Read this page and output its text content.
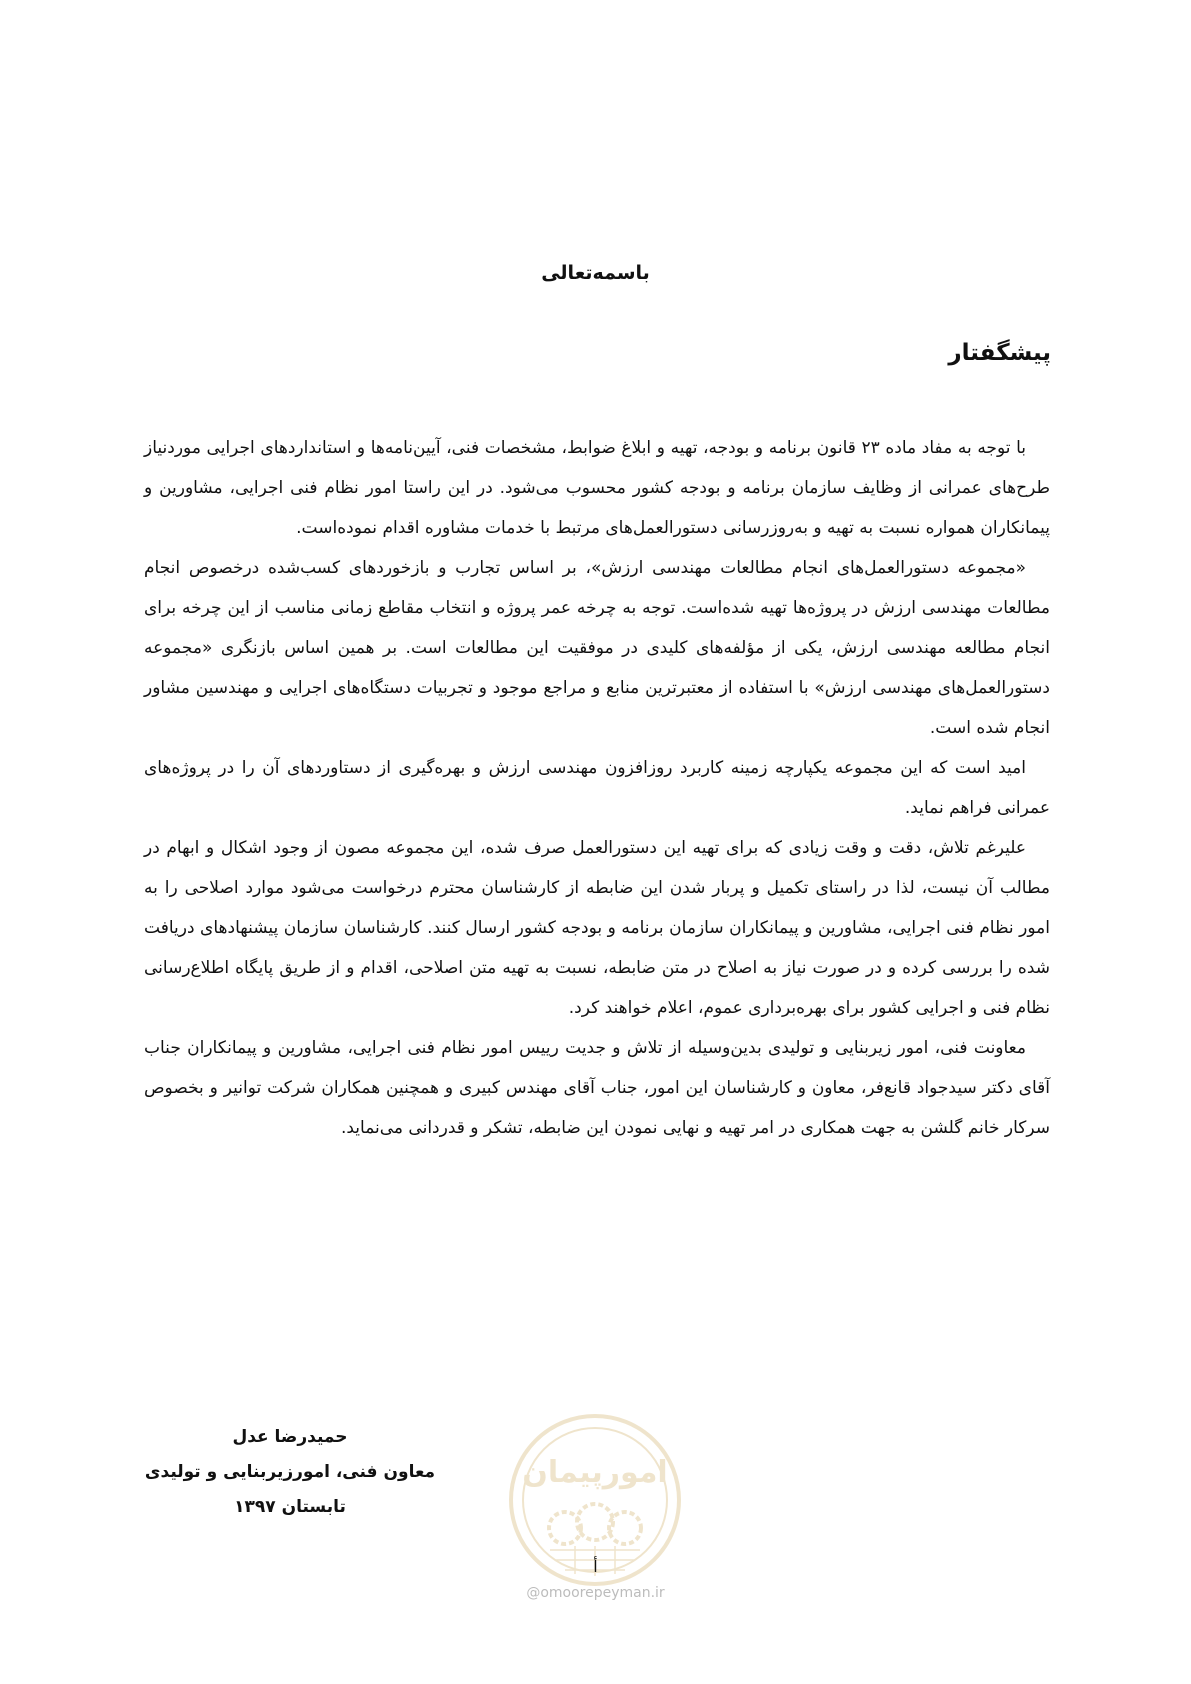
باسمه‌تعالی
پیشگفتار

با توجه به مفاد ماده ۲۳ قانون برنامه و بودجه، تهیه و ابلاغ ضوابط، مشخصات فنی، آیین‌نامه‌ها و استانداردهای اجرایی موردنیاز طرح‌های عمرانی از وظایف سازمان برنامه و بودجه کشور محسوب می‌شود. در این راستا امور نظام فنی اجرایی، مشاورین و پیمانکاران همواره نسبت به تهیه و به‌روزرسانی دستورالعمل‌های مرتبط با خدمات مشاوره اقدام نموده‌است.

«مجموعه دستورالعمل‌های انجام مطالعات مهندسی ارزش»، بر اساس تجارب و بازخوردهای کسب‌شده درخصوص انجام مطالعات مهندسی ارزش در پروژه‌ها تهیه شده‌است. توجه به چرخه عمر پروژه و انتخاب مقاطع زمانی مناسب از این چرخه برای انجام مطالعه مهندسی ارزش، یکی از مؤلفه‌های کلیدی در موفقیت این مطالعات است. بر همین اساس بازنگری «مجموعه دستورالعمل‌های مهندسی ارزش» با استفاده از معتبرترین منابع و مراجع موجود و تجربیات دستگاه‌های اجرایی و مهندسین مشاور انجام شده است.

امید است که این مجموعه یکپارچه زمینه کاربرد روزافزون مهندسی ارزش و بهره‌گیری از دستاوردهای آن را در پروژه‌های عمرانی فراهم نماید.

علیرغم تلاش، دقت و وقت زیادی که برای تهیه این دستورالعمل صرف شده، این مجموعه مصون از وجود اشکال و ابهام در مطالب آن نیست، لذا در راستای تکمیل و پربار شدن این ضابطه از کارشناسان محترم درخواست می‌شود موارد اصلاحی را به امور نظام فنی اجرایی، مشاورین و پیمانکاران سازمان برنامه و بودجه کشور ارسال کنند. کارشناسان سازمان پیشنهادهای دریافت شده را بررسی کرده و در صورت نیاز به اصلاح در متن ضابطه، نسبت به تهیه متن اصلاحی، اقدام و از طریق پایگاه اطلاع‌رسانی نظام فنی و اجرایی کشور برای بهره‌برداری عموم، اعلام خواهند کرد.

معاونت فنی، امور زیربنایی و تولیدی بدین‌وسیله از تلاش و جدیت رییس امور نظام فنی اجرایی، مشاورین و پیمانکاران جناب آقای دکتر سیدجواد قانع‌فر، معاون و کارشناسان این امور، جناب آقای مهندس کبیری و همچنین همکاران شرکت توانیر و بخصوص سرکار خانم گلشن به جهت همکاری در امر تهیه و نهایی نمودن این ضابطه، تشکر و قدردانی می‌نماید.

حمیدرضا عدل
معاون فنی، امورزیربنایی و تولیدی
تابستان ۱۳۹۷
امورپیمان
أ
@omoorepeyman.ir
